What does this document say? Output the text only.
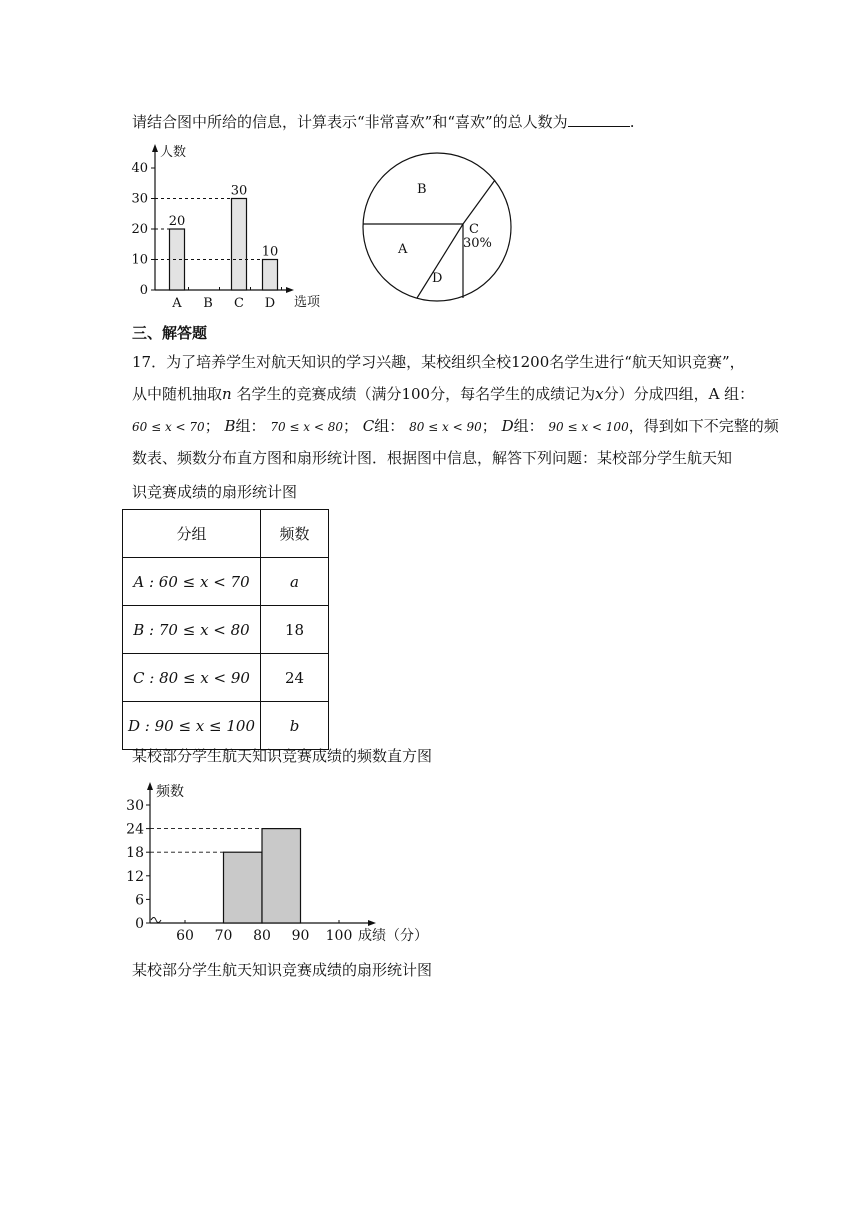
请结合图中所给的信息，计算表示“非常喜欢”和“喜欢”的总人数为	.
人数
选项
0
10
20
30
40
A B C D
20
30
10
B
C
30%
A
D
三、解答题
17．为了培养学生对航天知识的学习兴趣，某校组织全校1200名学生进行“航天知识竞赛”，
从中随机抽取n 名学生的竞赛成绩（满分100分，每名学生的成绩记为x分）分成四组，A 组：
60 ≤ x < 70； B组： 70 ≤ x < 80； C组： 80 ≤ x < 90； D组： 90 ≤ x < 100，得到如下不完整的频
数表、频数分布直方图和扇形统计图．根据图中信息，解答下列问题：某校部分学生航天知
识竞赛成绩的扇形统计图
分组	频数
A : 60 ≤ x < 70	a
B : 70 ≤ x < 80	18
C : 80 ≤ x < 90	24
D : 90 ≤ x ≤ 100	b
某校部分学生航天知识竞赛成绩的频数直方图
频数
成绩（分）
0
6
12
18
24
30
60 70 80 90 100
某校部分学生航天知识竞赛成绩的扇形统计图
